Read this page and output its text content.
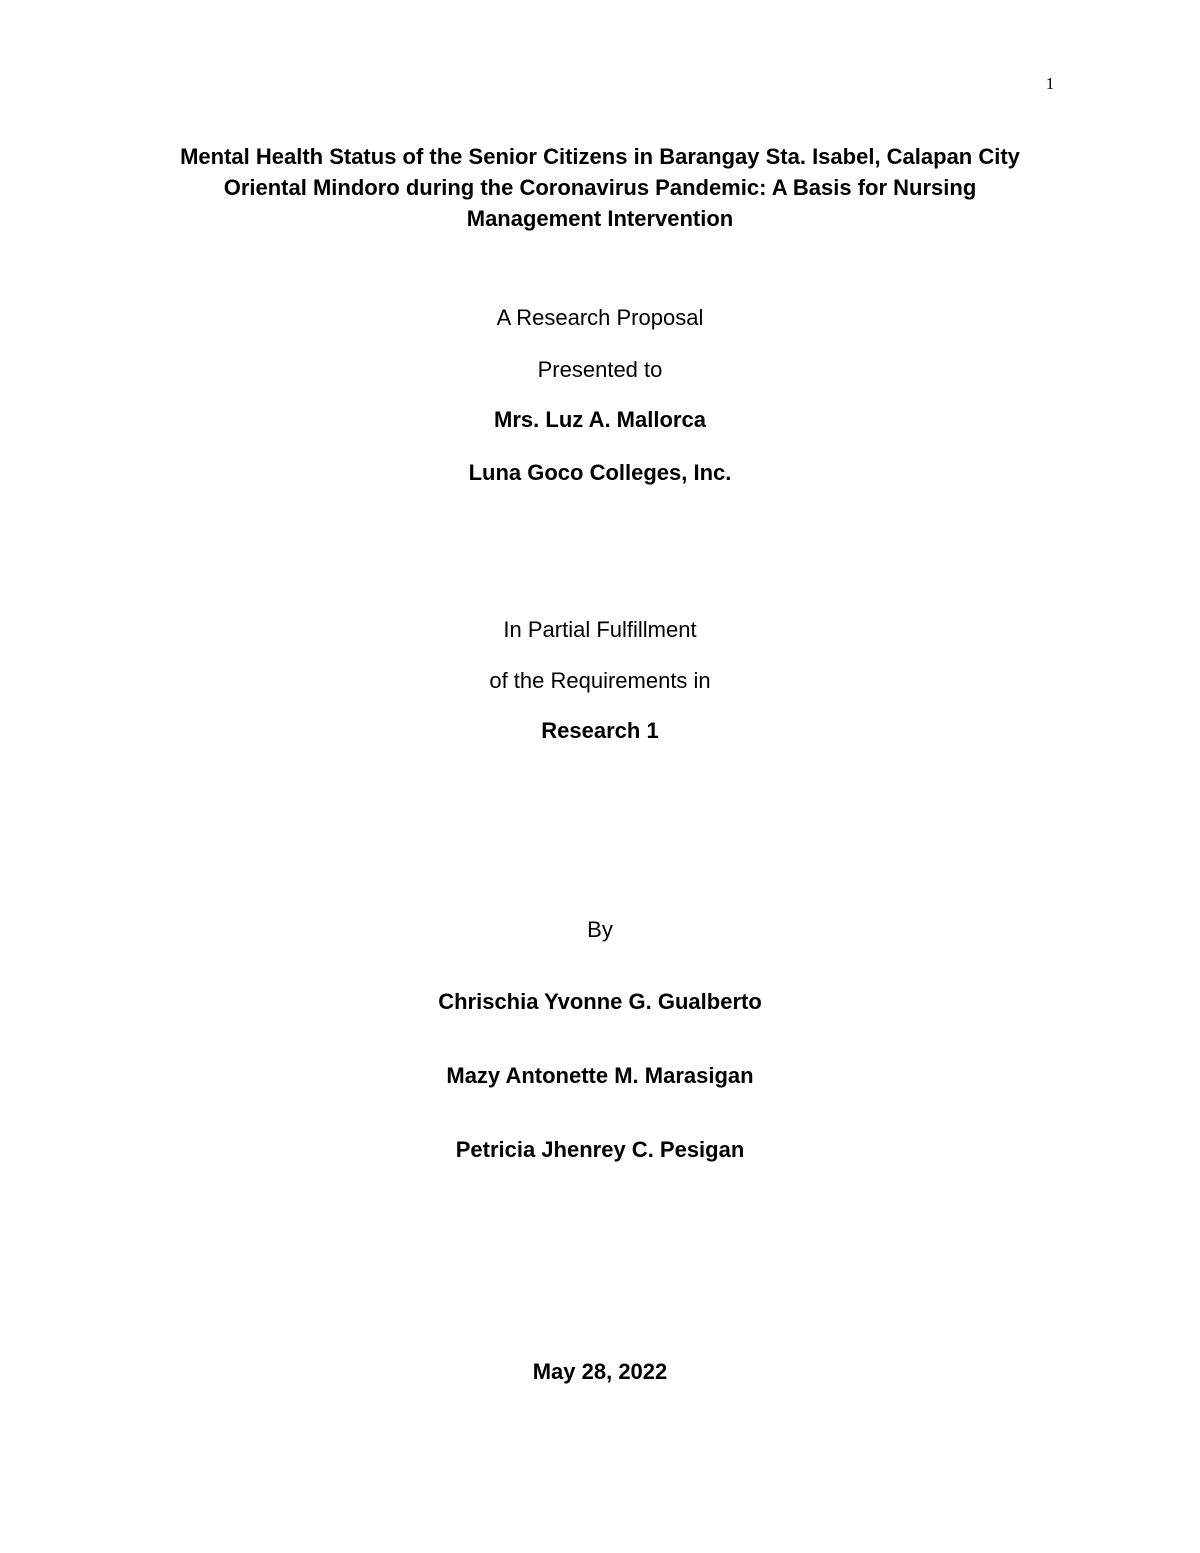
1
Mental Health Status of the Senior Citizens in Barangay Sta. Isabel, Calapan City
Oriental Mindoro during the Coronavirus Pandemic: A Basis for Nursing
Management Intervention
A Research Proposal
Presented to
Mrs. Luz A. Mallorca
Luna Goco Colleges, Inc.
In Partial Fulfillment
of the Requirements in
Research 1
By
Chrischia Yvonne G. Gualberto
Mazy Antonette M. Marasigan
Petricia Jhenrey C. Pesigan
May 28, 2022
